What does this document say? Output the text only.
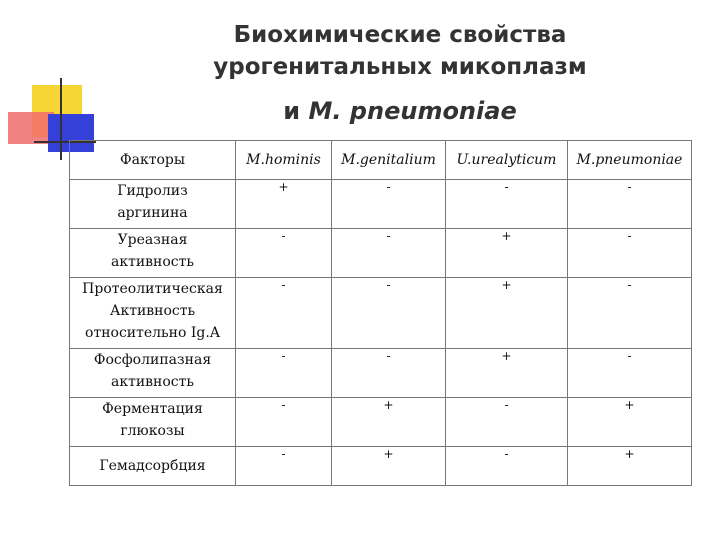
Биохимические свойства
урогенитальных микоплазм
и M. pneumoniae
Факторы	M.hominis	M.genitalium	U.urealyticum	M.pneumoniae

Гидролиз
аргинина	+	-	-	-

Уреазная
активность	-	-	+	-

Протеолитическая
Активность
относительно Ig.A	-	-	+	-

Фосфолипазная
активность	-	-	+	-

Ферментация
глюкозы	-	+	-	+

Гемадсорбция	-	+	-	+
